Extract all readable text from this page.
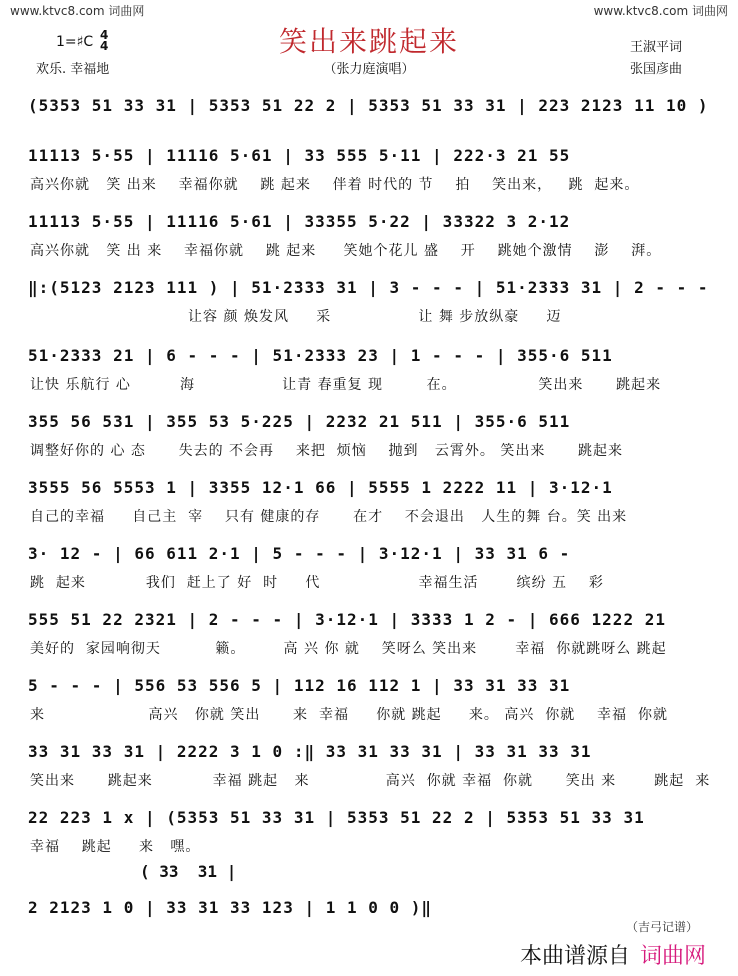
www.ktvc8.com 词曲网	www.ktvc8.com 词曲网
笑出来跳起来
（张力庭演唱）
1=♯C 4
4
欢乐. 幸福地
王淑平词
张国彦曲
(5353 51 33 31 | 5353 51 22 2 | 5353 51 33 31 | 223 2123 11 10 )
11113 5·55 | 11116 5·61 | 33 555 5·11 | 222·3 21 55
高兴你就   笑 出来    幸福你就    跳 起来    伴着 时代的 节    拍    笑出来，   跳  起来。
11113 5·55 | 11116 5·61 | 33355 5·22 | 33322 3 2·12
高兴你就   笑 出 来    幸福你就    跳 起来     笑她个花儿 盛    开    跳她个激情    澎    湃。
‖:(5123 2123 111 ) | 51·2333 31 | 3 - - - | 51·2333 31 | 2 - - -
让容 颜 焕发风     采                让 舞 步放纵豪     迈
51·2333 21 | 6 - - - | 51·2333 23 | 1 - - - | 355·6 511
让快 乐航行 心         海                让青 春重复 现        在。               笑出来      跳起来
355 56 531 | 355 53 5·225 | 2232 21 511 | 355·6 511
调整好你的 心 态      失去的 不会再    来把  烦恼    抛到   云霄外。 笑出来      跳起来
3555 56 5553 1 | 3355 12·1 66 | 5555 1 2222 11 | 3·12·1
自己的幸福     自己主  宰    只有 健康的存      在才    不会退出   人生的舞 台。笑 出来
3· 12 - | 66 611 2·1 | 5 - - - | 3·12·1 | 33 31 6 -
跳  起来           我们  赶上了 好  时     代                  幸福生活       缤纷 五    彩
555 51 22 2321 | 2 - - - | 3·12·1 | 3333 1 2 - | 666 1222 21
美好的  家园响彻天          籁。       高 兴 你 就    笑呀么 笑出来       幸福  你就跳呀么 跳起
5 - - - | 556 53 556 5 | 112 16 112 1 | 33 31 33 31
来                   高兴   你就 笑出      来  幸福     你就 跳起     来。 高兴  你就    幸福  你就
33 31 33 31 | 2222 3 1 0 :‖ 33 31 33 31 | 33 31 33 31
笑出来      跳起来           幸福 跳起   来              高兴  你就 幸福  你就      笑出 来       跳起  来
22 223 1 x | (5353 51 33 31 | 5353 51 22 2 | 5353 51 33 31
幸福    跳起     来   嘿。
( 33  31 |
2 2123 1 0 | 33 31 33 123 | 1 1 0 0 )‖
（吉弓记谱）
本曲谱源自 词曲网
